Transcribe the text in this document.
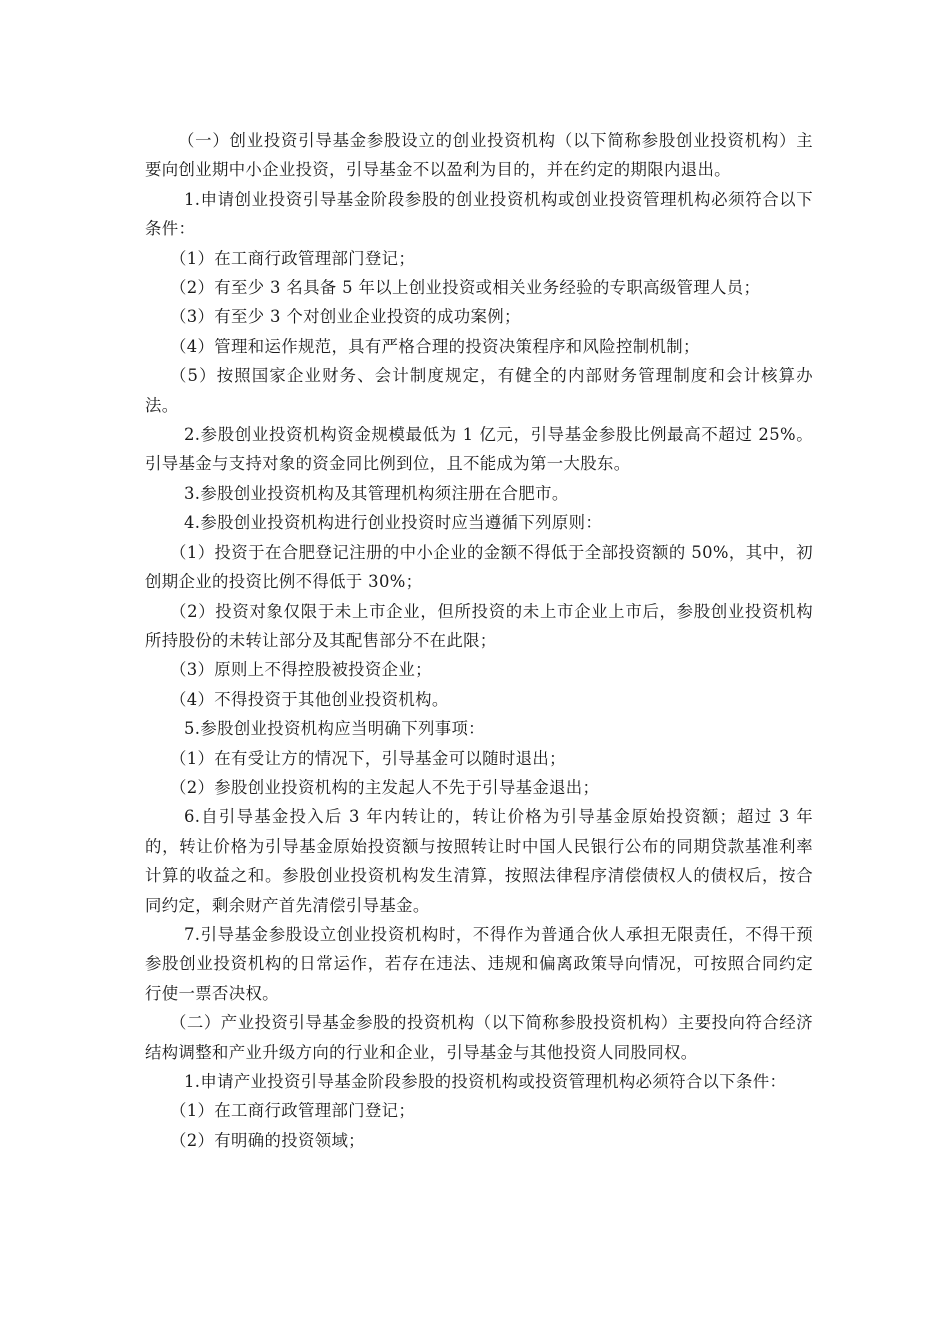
（一）创业投资引导基金参股设立的创业投资机构（以下简称参股创业投资机构）主要向创业期中小企业投资，引导基金不以盈利为目的，并在约定的期限内退出。

1.申请创业投资引导基金阶段参股的创业投资机构或创业投资管理机构必须符合以下条件：

（1）在工商行政管理部门登记；

（2）有至少 3 名具备 5 年以上创业投资或相关业务经验的专职高级管理人员；

（3）有至少 3 个对创业企业投资的成功案例；

（4）管理和运作规范，具有严格合理的投资决策程序和风险控制机制；

（5）按照国家企业财务、会计制度规定，有健全的内部财务管理制度和会计核算办法。

2.参股创业投资机构资金规模最低为 1 亿元，引导基金参股比例最高不超过 25%。引导基金与支持对象的资金同比例到位，且不能成为第一大股东。

3.参股创业投资机构及其管理机构须注册在合肥市。

4.参股创业投资机构进行创业投资时应当遵循下列原则：

（1）投资于在合肥登记注册的中小企业的金额不得低于全部投资额的 50%，其中，初创期企业的投资比例不得低于 30%；

（2）投资对象仅限于未上市企业，但所投资的未上市企业上市后，参股创业投资机构所持股份的未转让部分及其配售部分不在此限；

（3）原则上不得控股被投资企业；

（4）不得投资于其他创业投资机构。

5.参股创业投资机构应当明确下列事项：

（1）在有受让方的情况下，引导基金可以随时退出；

（2）参股创业投资机构的主发起人不先于引导基金退出；

6.自引导基金投入后 3 年内转让的，转让价格为引导基金原始投资额；超过 3 年的，转让价格为引导基金原始投资额与按照转让时中国人民银行公布的同期贷款基准利率计算的收益之和。参股创业投资机构发生清算，按照法律程序清偿债权人的债权后，按合同约定，剩余财产首先清偿引导基金。

7.引导基金参股设立创业投资机构时，不得作为普通合伙人承担无限责任，不得干预参股创业投资机构的日常运作，若存在违法、违规和偏离政策导向情况，可按照合同约定行使一票否决权。

（二）产业投资引导基金参股的投资机构（以下简称参股投资机构）主要投向符合经济结构调整和产业升级方向的行业和企业，引导基金与其他投资人同股同权。

1.申请产业投资引导基金阶段参股的投资机构或投资管理机构必须符合以下条件：

（1）在工商行政管理部门登记；

（2）有明确的投资领域；
